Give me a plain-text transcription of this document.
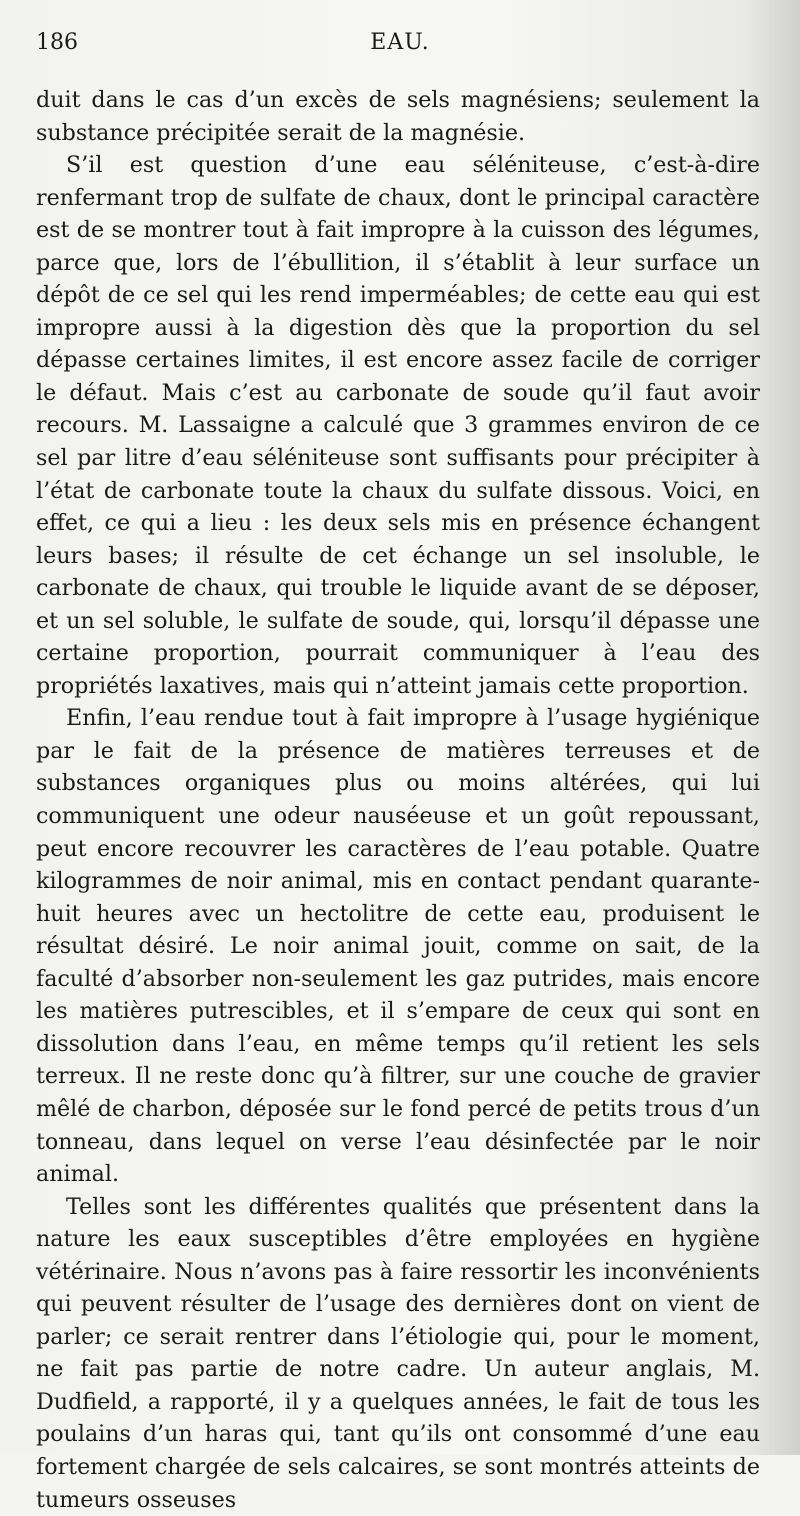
186	EAU.

duit dans le cas d’un excès de sels magnésiens; seulement la substance précipitée serait de la magnésie.

S’il est question d’une eau séléniteuse, c’est-à-dire renfermant trop de sulfate de chaux, dont le principal caractère est de se montrer tout à fait impropre à la cuisson des légumes, parce que, lors de l’ébullition, il s’établit à leur surface un dépôt de ce sel qui les rend imperméables; de cette eau qui est impropre aussi à la digestion dès que la proportion du sel dépasse certaines limites, il est encore assez facile de corriger le défaut. Mais c’est au carbonate de soude qu’il faut avoir recours. M. Lassaigne a calculé que 3 grammes environ de ce sel par litre d’eau séléniteuse sont suffisants pour précipiter à l’état de carbonate toute la chaux du sulfate dissous. Voici, en effet, ce qui a lieu : les deux sels mis en présence échangent leurs bases; il résulte de cet échange un sel insoluble, le carbonate de chaux, qui trouble le liquide avant de se déposer, et un sel soluble, le sulfate de soude, qui, lorsqu’il dépasse une certaine proportion, pourrait communiquer à l’eau des propriétés laxatives, mais qui n’atteint jamais cette proportion.

Enfin, l’eau rendue tout à fait impropre à l’usage hygiénique par le fait de la présence de matières terreuses et de substances organiques plus ou moins altérées, qui lui communiquent une odeur nauséeuse et un goût repoussant, peut encore recouvrer les caractères de l’eau potable. Quatre kilogrammes de noir animal, mis en contact pendant quarante-huit heures avec un hectolitre de cette eau, produisent le résultat désiré. Le noir animal jouit, comme on sait, de la faculté d’absorber non-seulement les gaz putrides, mais encore les matières putrescibles, et il s’empare de ceux qui sont en dissolution dans l’eau, en même temps qu’il retient les sels terreux. Il ne reste donc qu’à filtrer, sur une couche de gravier mêlé de charbon, déposée sur le fond percé de petits trous d’un tonneau, dans lequel on verse l’eau désinfectée par le noir animal.

Telles sont les différentes qualités que présentent dans la nature les eaux susceptibles d’être employées en hygiène vétérinaire. Nous n’avons pas à faire ressortir les inconvénients qui peuvent résulter de l’usage des dernières dont on vient de parler; ce serait rentrer dans l’étiologie qui, pour le moment, ne fait pas partie de notre cadre. Un auteur anglais, M. Dudfield, a rapporté, il y a quelques années, le fait de tous les poulains d’un haras qui, tant qu’ils ont consommé d’une eau fortement chargée de sels calcaires, se sont montrés atteints de tumeurs osseuses
